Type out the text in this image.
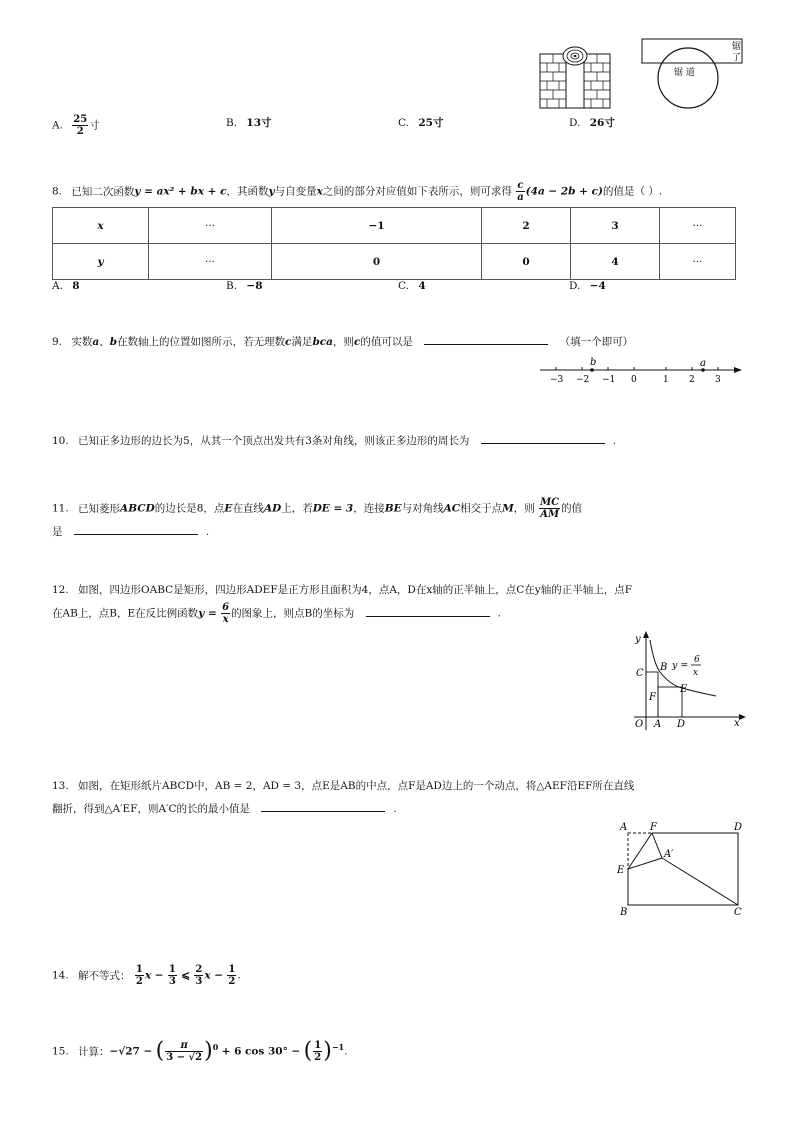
锯
了
锯 道
A. $\frac{25}{2}$ 寸	B. 13寸	C. 25寸	D. 26寸
8. 已知二次函数y = ax² + bx + c，其函数y与自变量x之间的部分对应值如下表所示，则可求得 $\frac{c}{a} (4a - 2b + c)$的值是（ ）.
x	···	−1	2	3	···
y	···	0	0	4	···
A. 8	B. −8	C. 4	D. −4
9. 实数a、b在数轴上的位置如图所示，若无理数c满足bca，则c的值可以是	（填一个即可）
−3 −2 −1 0	1 2 3
b	a
10. 已知正多边形的边长为5，从其一个顶点出发共有3条对角线，则该正多边形的周长为	.
11. 已知菱形ABCD的边长是8，点E在直线AD上，若DE = 3，连接BE与对角线AC相交于点M，则 $\frac{MC}{AM}$ 的值
是	.
12. 如图，四边形OABC是矩形，四边形ADEF是正方形且面积为4，点A，D在x轴的正半轴上，点C在y轴的正半轴上，点F
在AB上，点B，E在反比例函数$y = \frac{6}{x}$ 的图象上，则点B的坐标为	.
y
x
O
C
B
F
E
A D
y = 6
x
13. 如图，在矩形纸片ABCD中，AB = 2，AD = 3，点E是AB的中点，点F是AD边上的一个动点，将△AEF沿EF所在直线
翻折，得到△A′EF，则A′C的长的最小值是	.
A F	D
A′
E
B	C
14. 解不等式： $\frac{1}{2}$ $x - \frac{1}{3}$ ⩽ $\frac{2}{3}$ $x - \frac{1}{2}$ .
15. 计算：−√27 − ( $\frac{\pi}{3 - √2} )^0 + 6$ cos 30° − ( $\frac{1}{2} )^{-1}$.
